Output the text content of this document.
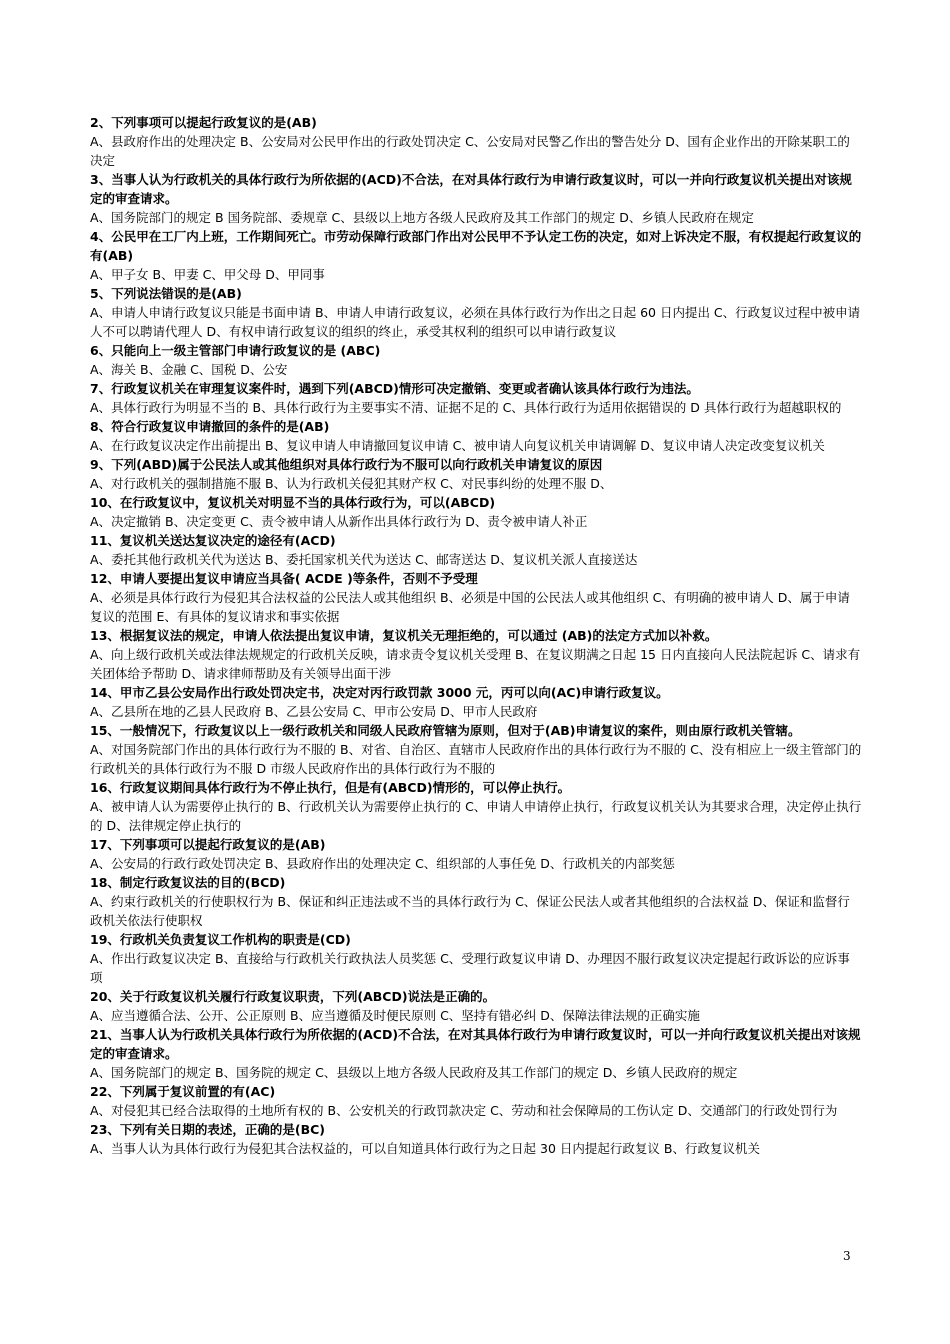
2、下列事项可以提起行政复议的是(AB)

A、县政府作出的处理决定 B、公安局对公民甲作出的行政处罚决定 C、公安局对民警乙作出的警告处分 D、国有企业作出的开除某职工的决定

3、当事人认为行政机关的具体行政行为所依据的(ACD)不合法，在对具体行政行为申请行政复议时，可以一并向行政复议机关提出对该规定的审查请求。

A、国务院部门的规定 B 国务院部、委规章 C、县级以上地方各级人民政府及其工作部门的规定 D、乡镇人民政府在规定

4、公民甲在工厂内上班，工作期间死亡。市劳动保障行政部门作出对公民甲不予认定工伤的决定，如对上诉决定不服，有权提起行政复议的有(AB)

A、甲子女 B、甲妻 C、甲父母 D、甲同事

5、下列说法错误的是(AB)

A、申请人申请行政复议只能是书面申请 B、申请人申请行政复议，必须在具体行政行为作出之日起 60 日内提出 C、行政复议过程中被申请人不可以聘请代理人 D、有权申请行政复议的组织的终止，承受其权利的组织可以申请行政复议

6、只能向上一级主管部门申请行政复议的是 (ABC)

A、海关 B、金融 C、国税 D、公安

7、行政复议机关在审理复议案件时，遇到下列(ABCD)情形可决定撤销、变更或者确认该具体行政行为违法。

A、具体行政行为明显不当的 B、具体行政行为主要事实不清、证据不足的 C、具体行政行为适用依据错误的 D 具体行政行为超越职权的

8、符合行政复议申请撤回的条件的是(AB)

A、在行政复议决定作出前提出 B、复议申请人申请撤回复议申请 C、被申请人向复议机关申请调解 D、复议申请人决定改变复议机关

9、下列(ABD)属于公民法人或其他组织对具体行政行为不服可以向行政机关申请复议的原因

A、对行政机关的强制措施不服 B、认为行政机关侵犯其财产权 C、对民事纠纷的处理不服 D、

10、在行政复议中，复议机关对明显不当的具体行政行为，可以(ABCD)

A、决定撤销 B、决定变更 C、责令被申请人从新作出具体行政行为 D、责令被申请人补正

11、复议机关送达复议决定的途径有(ACD)

A、委托其他行政机关代为送达 B、委托国家机关代为送达 C、邮寄送达 D、复议机关派人直接送达

12、申请人要提出复议申请应当具备( ACDE )等条件，否则不予受理

A、必须是具体行政行为侵犯其合法权益的公民法人或其他组织 B、必须是中国的公民法人或其他组织 C、有明确的被申请人 D、属于申请复议的范围 E、有具体的复议请求和事实依据

13、根据复议法的规定，申请人依法提出复议申请，复议机关无理拒绝的，可以通过 (AB)的法定方式加以补救。

A、向上级行政机关或法律法规规定的行政机关反映，请求责令复议机关受理 B、在复议期满之日起 15 日内直接向人民法院起诉 C、请求有关团体给予帮助 D、请求律师帮助及有关领导出面干涉

14、甲市乙县公安局作出行政处罚决定书，决定对丙行政罚款 3000 元，丙可以向(AC)申请行政复议。

A、乙县所在地的乙县人民政府 B、乙县公安局 C、甲市公安局 D、甲市人民政府

15、一般情况下，行政复议以上一级行政机关和同级人民政府管辖为原则，但对于(AB)申请复议的案件，则由原行政机关管辖。

A、对国务院部门作出的具体行政行为不服的 B、对省、自治区、直辖市人民政府作出的具体行政行为不服的 C、没有相应上一级主管部门的行政机关的具体行政行为不服 D 市级人民政府作出的具体行政行为不服的

16、行政复议期间具体行政行为不停止执行，但是有(ABCD)情形的，可以停止执行。

A、被申请人认为需要停止执行的 B、行政机关认为需要停止执行的 C、申请人申请停止执行，行政复议机关认为其要求合理，决定停止执行的 D、法律规定停止执行的

17、下列事项可以提起行政复议的是(AB)

A、公安局的行政行政处罚决定 B、县政府作出的处理决定 C、组织部的人事任免 D、行政机关的内部奖惩

18、制定行政复议法的目的(BCD)

A、约束行政机关的行使职权行为 B、保证和纠正违法或不当的具体行政行为 C、保证公民法人或者其他组织的合法权益 D、保证和监督行政机关依法行使职权

19、行政机关负责复议工作机构的职责是(CD)

A、作出行政复议决定 B、直接给与行政机关行政执法人员奖惩 C、受理行政复议申请 D、办理因不服行政复议决定提起行政诉讼的应诉事项

20、关于行政复议机关履行行政复议职责，下列(ABCD)说法是正确的。

A、应当遵循合法、公开、公正原则 B、应当遵循及时便民原则 C、坚持有错必纠 D、保障法律法规的正确实施

21、当事人认为行政机关具体行政行为所依据的(ACD)不合法，在对其具体行政行为申请行政复议时，可以一并向行政复议机关提出对该规定的审查请求。

A、国务院部门的规定 B、国务院的规定 C、县级以上地方各级人民政府及其工作部门的规定 D、乡镇人民政府的规定

22、下列属于复议前置的有(AC)

A、对侵犯其已经合法取得的土地所有权的 B、公安机关的行政罚款决定 C、劳动和社会保障局的工伤认定 D、交通部门的行政处罚行为

23、下列有关日期的表述，正确的是(BC)

A、当事人认为具体行政行为侵犯其合法权益的，可以自知道具体行政行为之日起 30 日内提起行政复议 B、行政复议机关

3
